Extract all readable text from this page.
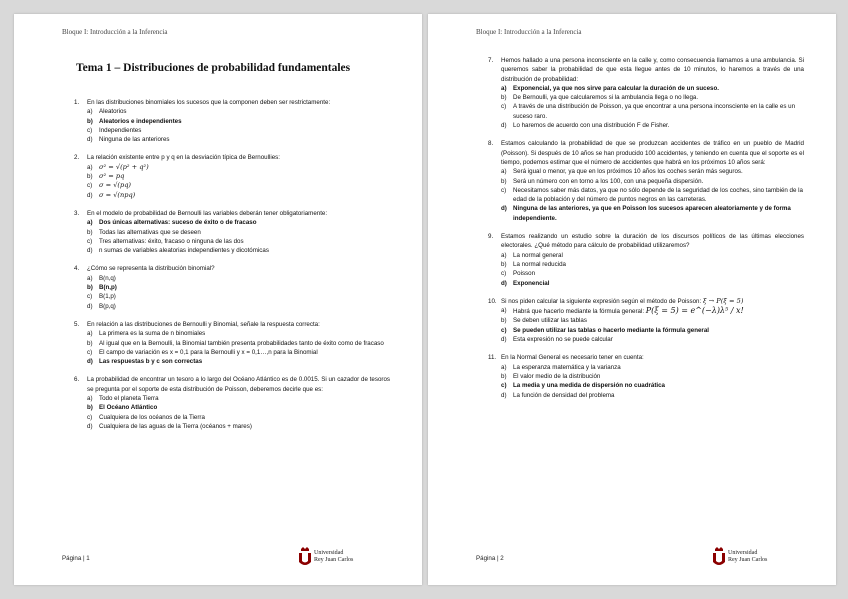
Bloque I: Introducción a la Inferencia
Tema 1 – Distribuciones de probabilidad fundamentales
1.	En las distribuciones binomiales los sucesos que la componen deben ser restrictamente:
a)	Aleatorios
b) Aleatorios e independientes
c)	Independientes
d)	Ninguna de las anteriores
2.	La relación existente entre p y q en la desviación típica de Bernoullies:
a) σ² = √(p² + q²)
b) σ² = pq
c)	σ = √(pq)
d) σ = √(npq)
3.	En el modelo de probabilidad de Bernoulli las variables deberán tener obligatoriamente:
a)	Dos únicas alternativas: suceso de éxito o de fracaso
b)	Todas las alternativas que se deseen
c)	Tres alternativas: éxito, fracaso o ninguna de las dos
d)	n sumas de variables aleatorias independientes y dicotómicas
4.	¿Cómo se representa la distribución binomial?
a)	B(n,q)
b) B(n,p)
c)	B(1,p)
d)	B(p,q)
5.	En relación a las distribuciones de Bernoulli y Binomial, señale la respuesta correcta:
a)	La primera es la suma de n binomiales
b)	Al igual que en la Bernoulli, la Binomial también presenta probabilidades tanto de éxito como de fracaso
c)	El campo de variación es x = 0,1 para la Bernoulli y x = 0,1…,n para la Binomial
d) Las respuestas b y c son correctas
6.	La probabilidad de encontrar un tesoro a lo largo del Océano Atlántico es de 0.0015. Si un cazador de tesoros se pregunta por el soporte de esta distribución de Poisson, deberemos decirle que es:
a)	Todo el planeta Tierra
b) El Océano Atlántico
c)	Cualquiera de los océanos de la Tierra
d)	Cualquiera de las aguas de la Tierra (océanos + mares)
Página | 1
Universidad
Rey Juan Carlos
Bloque I: Introducción a la Inferencia
7.	Hemos hallado a una persona inconsciente en la calle y, como consecuencia llamamos a una ambulancia. Si queremos saber la probabilidad de que esta llegue antes de 10 minutos, lo haremos a través de una distribución de probabilidad:
a)	Exponencial, ya que nos sirve para calcular la duración de un suceso.
b)	De Bernoulli, ya que calcularemos si la ambulancia llega o no llega.
c)	A través de una distribución de Poisson, ya que encontrar a una persona inconsciente en la calle es un suceso raro.
d)	Lo haremos de acuerdo con una distribución F de Fisher.
8.	Estamos calculando la probabilidad de que se produzcan accidentes de tráfico en un pueblo de Madrid (Poisson). Si después de 10 años se han producido 100 accidentes, y teniendo en cuenta que el soporte es el tiempo, podemos estimar que el número de accidentes que habrá en los próximos 10 años será:
a)	Será igual o menor, ya que en los próximos 10 años los coches serán más seguros.
b)	Será un número con en torno a los 100, con una pequeña dispersión.
c)	Necesitamos saber más datos, ya que no sólo depende de la seguridad de los coches, sino también de la edad de la población y del número de puntos negros en las carreteras.
d) Ninguna de las anteriores, ya que en Poisson los sucesos aparecen aleatoriamente y de forma independiente.
9.	Estamos realizando un estudio sobre la duración de los discursos políticos de las últimas elecciones electorales. ¿Qué método para cálculo de probabilidad utilizaremos?
a)	La normal general
b)	La normal reducida
c)	Poisson
d) Exponencial
10. Si nos piden calcular la siguiente expresión según el método de Poisson: ξ → P(ξ = 5)
a)	Habrá que hacerlo mediante la fórmula general: P(ξ = 5) = e^(−λ)λ⁵ / x!
b)	Se deben utilizar las tablas
c)	Se pueden utilizar las tablas o hacerlo mediante la fórmula general
d)	Esta expresión no se puede calcular
11. En la Normal General es necesario tener en cuenta:
a)	La esperanza matemática y la varianza
b)	El valor medio de la distribución
c)	La media y una medida de dispersión no cuadrática
d)	La función de densidad del problema
Página | 2
Universidad
Rey Juan Carlos
